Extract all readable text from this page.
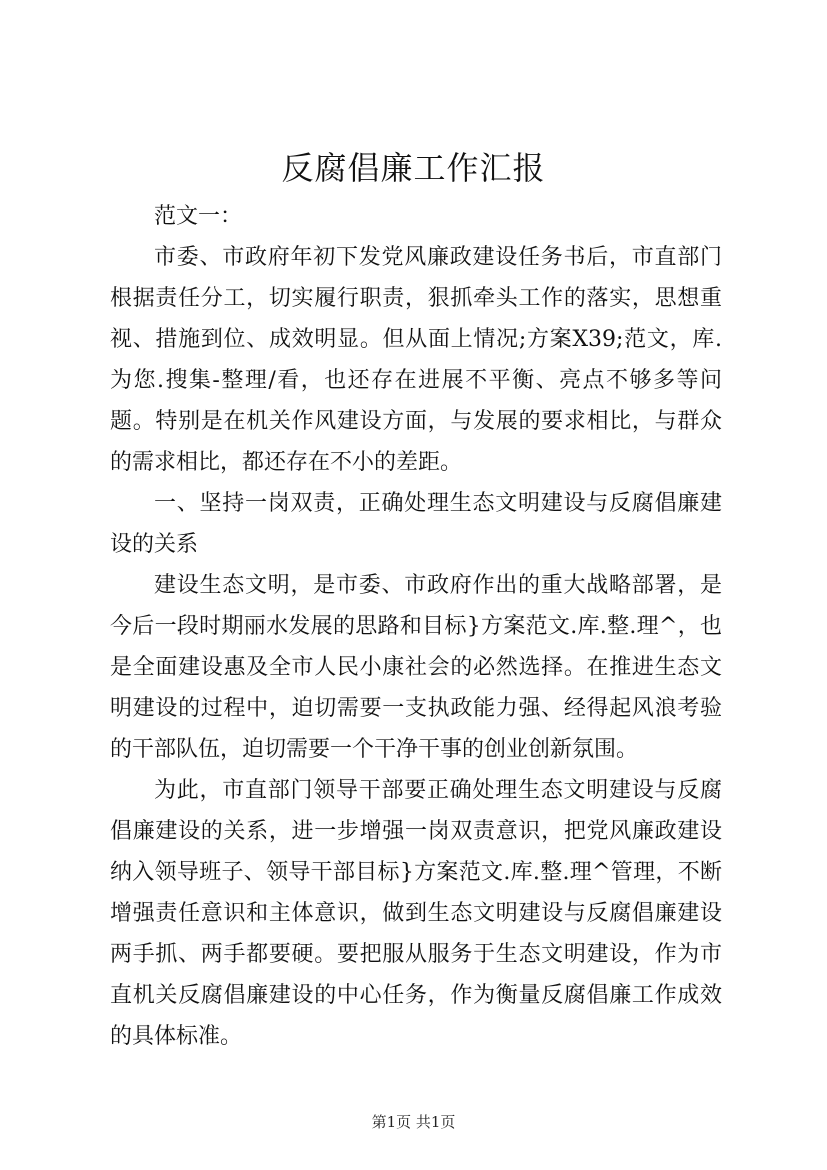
反腐倡廉工作汇报

范文一：

市委、市政府年初下发党风廉政建设任务书后，市直部门根据责任分工，切实履行职责，狠抓牵头工作的落实，思想重视、措施到位、成效明显。但从面上情况;方案X39;范文，库.为您.搜集-整理/看，也还存在进展不平衡、亮点不够多等问题。特别是在机关作风建设方面，与发展的要求相比，与群众的需求相比，都还存在不小的差距。

一、坚持一岗双责，正确处理生态文明建设与反腐倡廉建设的关系

建设生态文明，是市委、市政府作出的重大战略部署，是今后一段时期丽水发展的思路和目标}方案范文.库.整.理^，也是全面建设惠及全市人民小康社会的必然选择。在推进生态文明建设的过程中，迫切需要一支执政能力强、经得起风浪考验的干部队伍，迫切需要一个干净干事的创业创新氛围。

为此，市直部门领导干部要正确处理生态文明建设与反腐倡廉建设的关系，进一步增强一岗双责意识，把党风廉政建设纳入领导班子、领导干部目标}方案范文.库.整.理^管理，不断增强责任意识和主体意识，做到生态文明建设与反腐倡廉建设两手抓、两手都要硬。要把服从服务于生态文明建设，作为市直机关反腐倡廉建设的中心任务，作为衡量反腐倡廉工作成效的具体标准。

第1页 共1页
